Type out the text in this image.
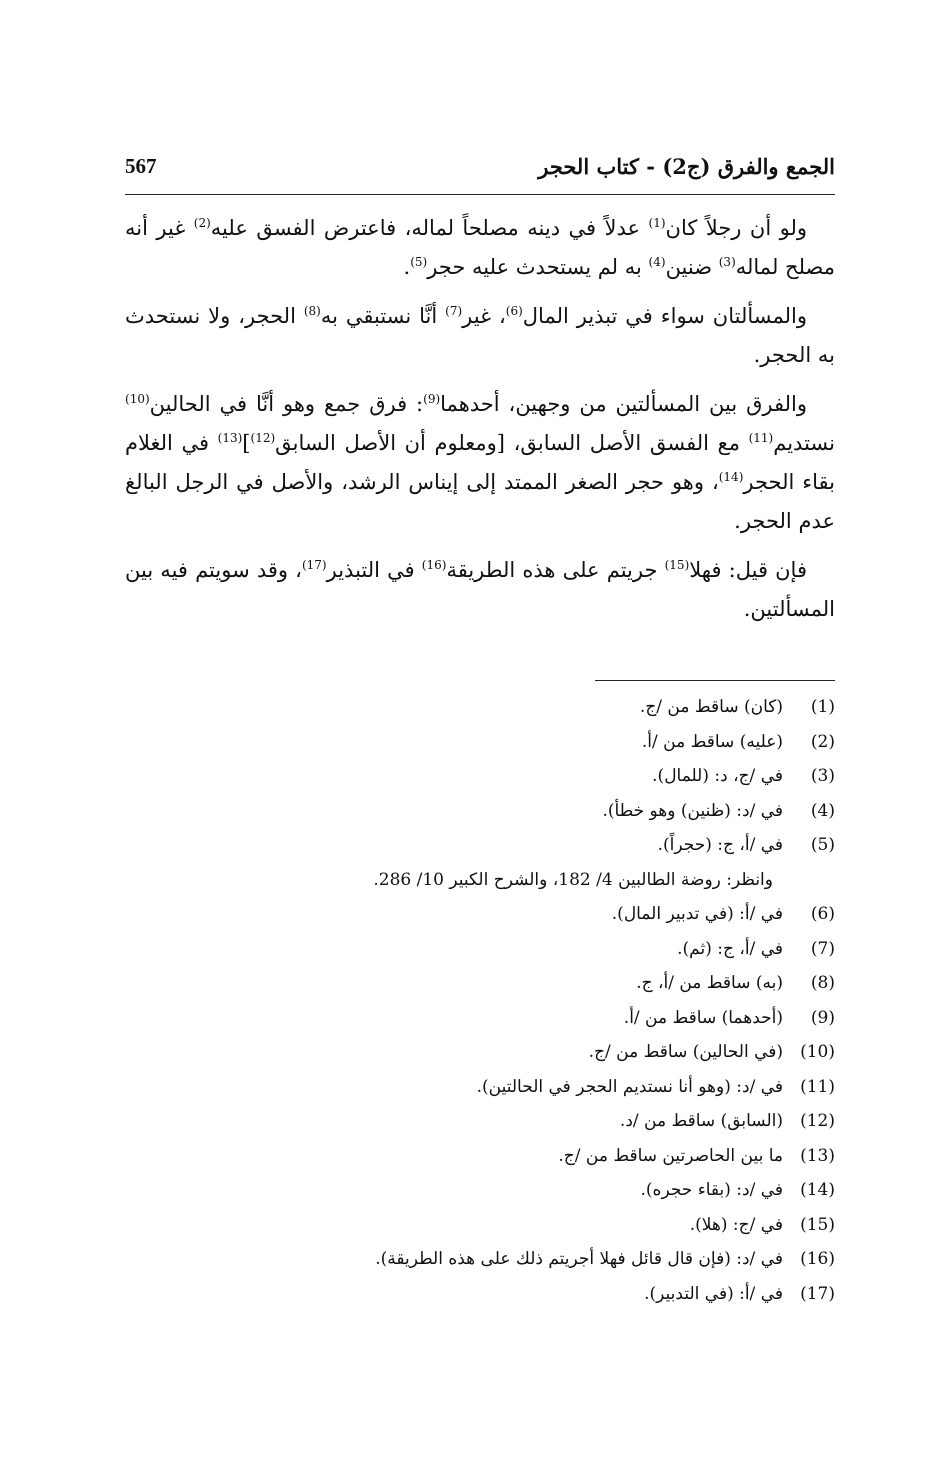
الجمع والفرق (ج2) - كتاب الحجر
567

ولو أن رجلاً كان$^{(1)}$ عدلاً في دينه مصلحاً لماله، فاعترض الفسق عليه$^{(2)}$ غير أنه مصلح لماله$^{(3)}$ ضنين$^{(4)}$ به لم يستحدث عليه حجر$^{(5)}$.

والمسألتان سواء في تبذير المال$^{(6)}$، غير$^{(7)}$ أنَّا نستبقي به$^{(8)}$ الحجر، ولا نستحدث به الحجر.

والفرق بين المسألتين من وجهين، أحدهما$^{(9)}$: فرق جمع وهو أنَّا في الحالين$^{(10)}$ نستديم$^{(11)}$ مع الفسق الأصل السابق، [ومعلوم أن الأصل السابق$^{(12)}$]$^{(13)}$ في الغلام بقاء الحجر$^{(14)}$، وهو حجر الصغر الممتد إلى إيناس الرشد، والأصل في الرجل البالغ عدم الحجر.

فإن قيل: فهلا$^{(15)}$ جريتم على هذه الطريقة$^{(16)}$ في التبذير$^{(17)}$، وقد سويتم فيه بين المسألتين.

(1)
(كان) ساقط من /ج.
(2)
(عليه) ساقط من /أ.
(3)
في /ج، د: (للمال).
(4)
في /د: (ظنين) وهو خطأ).
(5)
في /أ، ج: (حجراً).
وانظر: روضة الطالبين 4/ 182، والشرح الكبير 10/ 286.
(6)
في /أ: (في تدبير المال).
(7)
في /أ، ج: (ثم).
(8)
(به) ساقط من /أ، ج.
(9)
(أحدهما) ساقط من /أ.
(10)
(في الحالين) ساقط من /ج.
(11)
في /د: (وهو أنا نستديم الحجر في الحالتين).
(12)
(السابق) ساقط من /د.
(13)
ما بين الحاصرتين ساقط من /ج.
(14)
في /د: (بقاء حجره).
(15)
في /ج: (هلا).
(16)
في /د: (فإن قال قائل فهلا أجريتم ذلك على هذه الطريقة).
(17)
في /أ: (في التدبير).
